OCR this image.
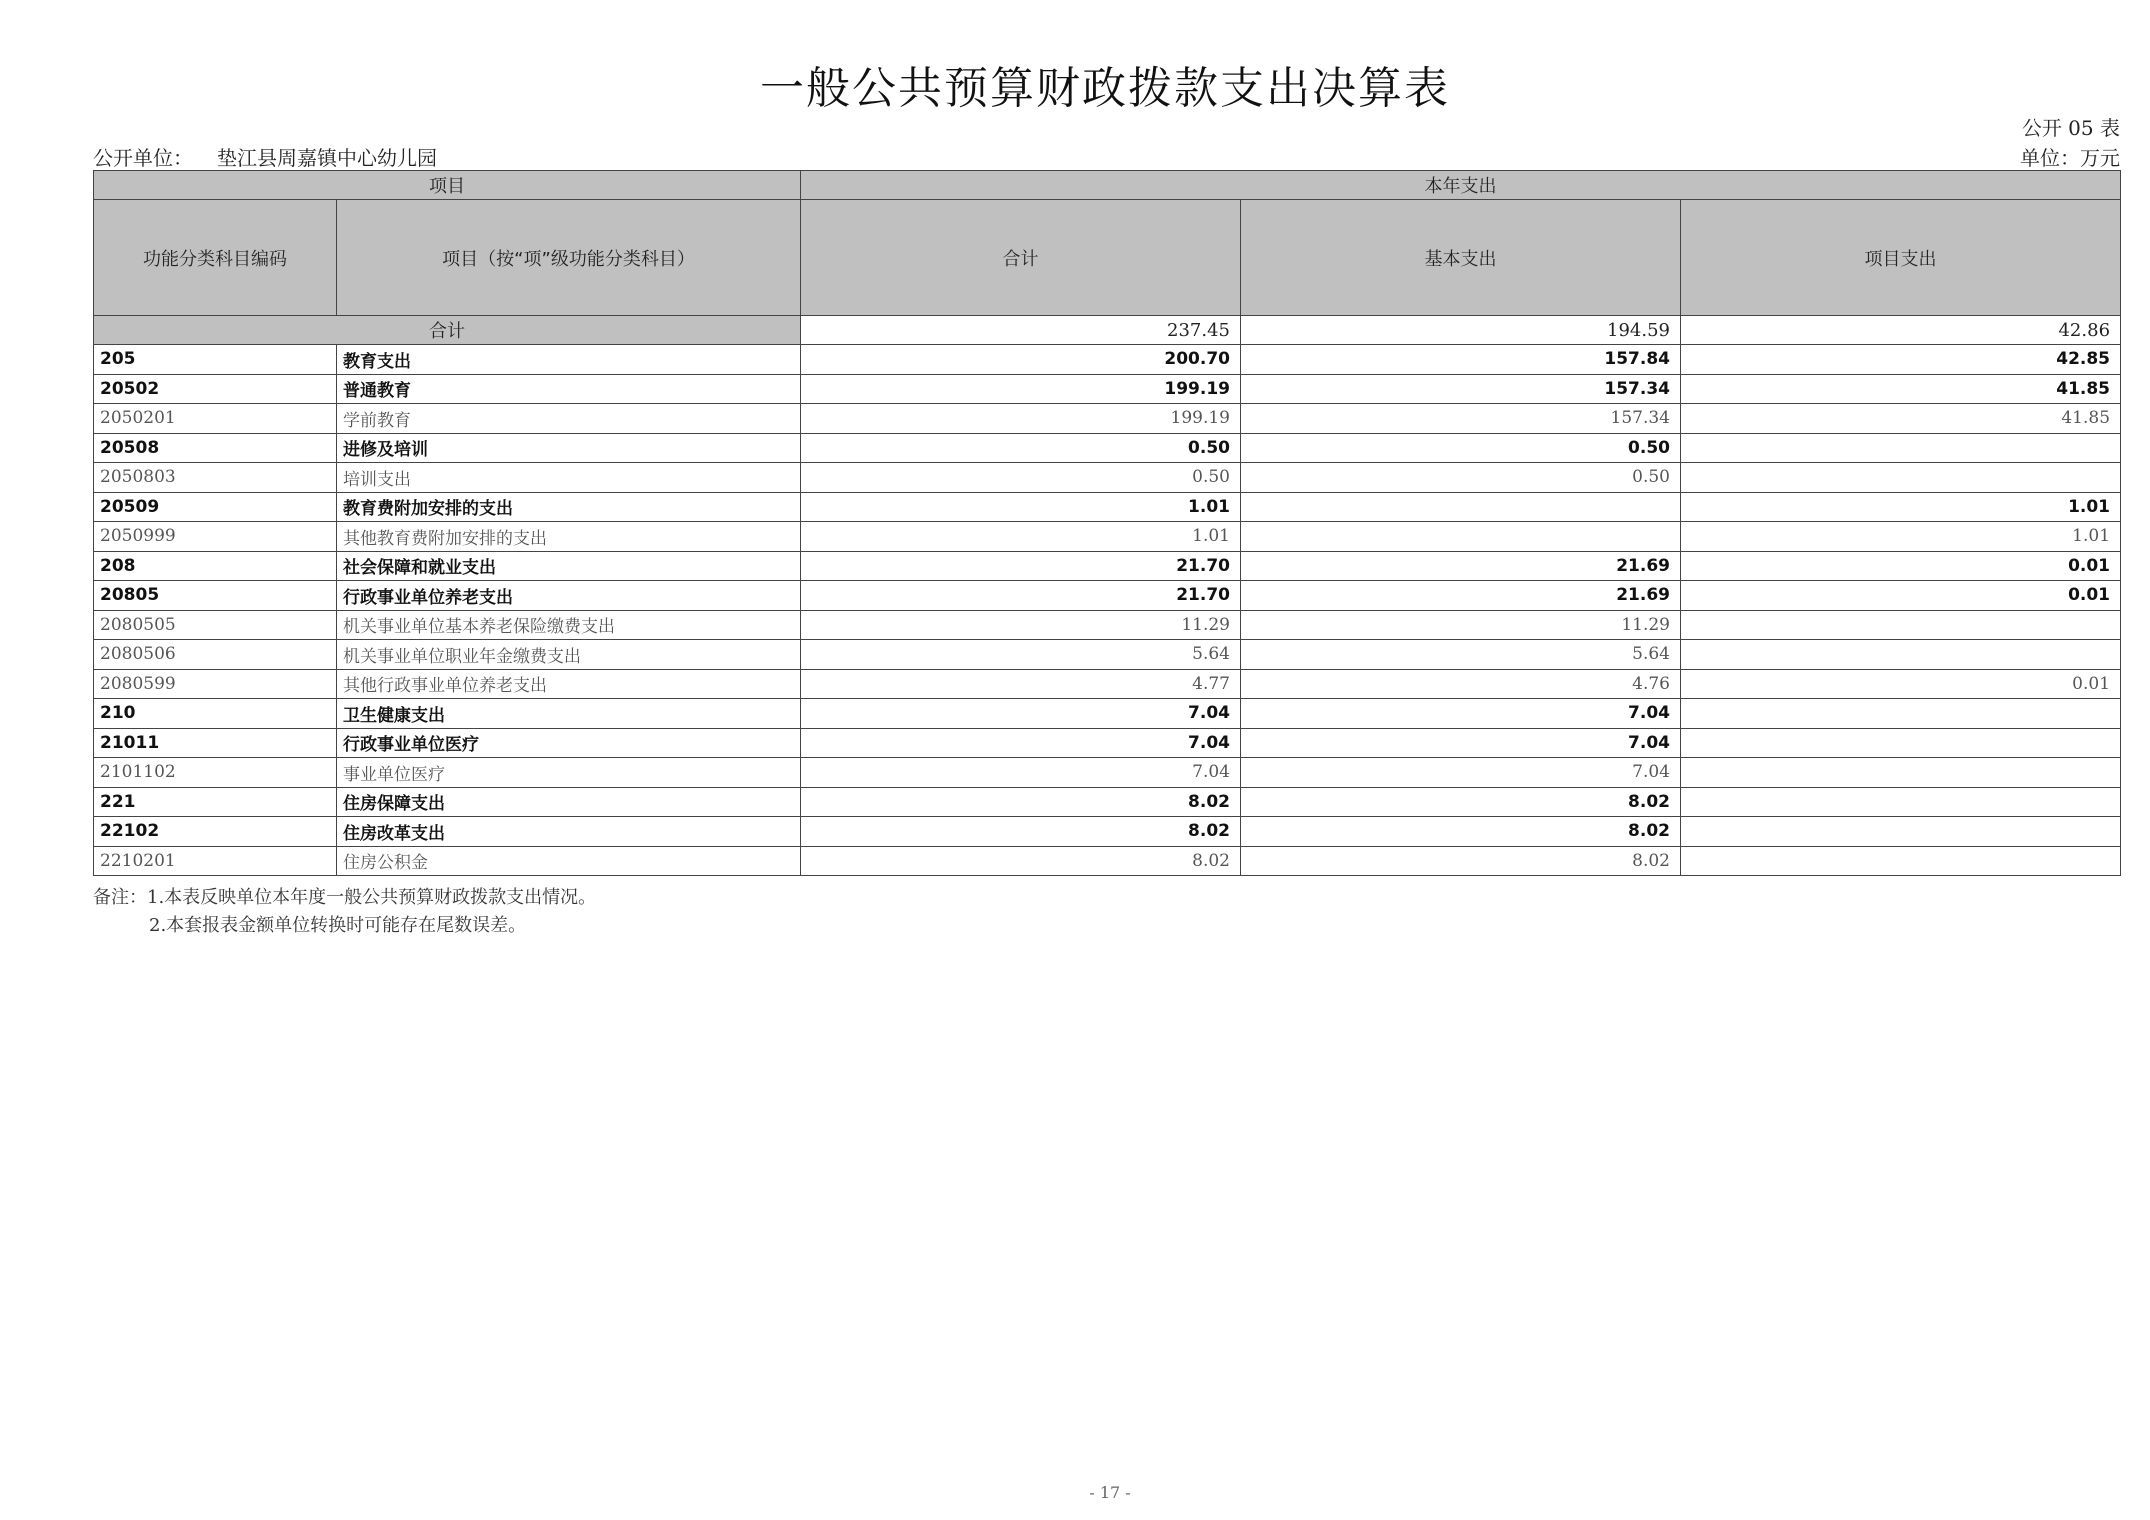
一般公共预算财政拨款支出决算表
公开 05 表
公开单位： 垫江县周嘉镇中心幼儿园	单位：万元
项目		本年支出		
功能分类科目编码	项目（按“项”级功能分类科目）	合计	基本支出	项目支出
合计		237.45	194.59	42.86
205	教育支出	200.70	157.84	42.85
20502	普通教育	199.19	157.34	41.85
2050201	学前教育	199.19	157.34	41.85
20508	进修及培训	0.50	0.50	
2050803	培训支出	0.50	0.50	
20509	教育费附加安排的支出	1.01		1.01
2050999	其他教育费附加安排的支出	1.01		1.01
208	社会保障和就业支出	21.70	21.69	0.01
20805	行政事业单位养老支出	21.70	21.69	0.01
2080505	机关事业单位基本养老保险缴费支出	11.29	11.29	
2080506	机关事业单位职业年金缴费支出	5.64	5.64	
2080599	其他行政事业单位养老支出	4.77	4.76	0.01
210	卫生健康支出	7.04	7.04	
21011	行政事业单位医疗	7.04	7.04	
2101102	事业单位医疗	7.04	7.04	
221	住房保障支出	8.02	8.02	
22102	住房改革支出	8.02	8.02	
2210201	住房公积金	8.02	8.02	
备注：1.本表反映单位本年度一般公共预算财政拨款支出情况。
2.本套报表金额单位转换时可能存在尾数误差。
- 17 -
